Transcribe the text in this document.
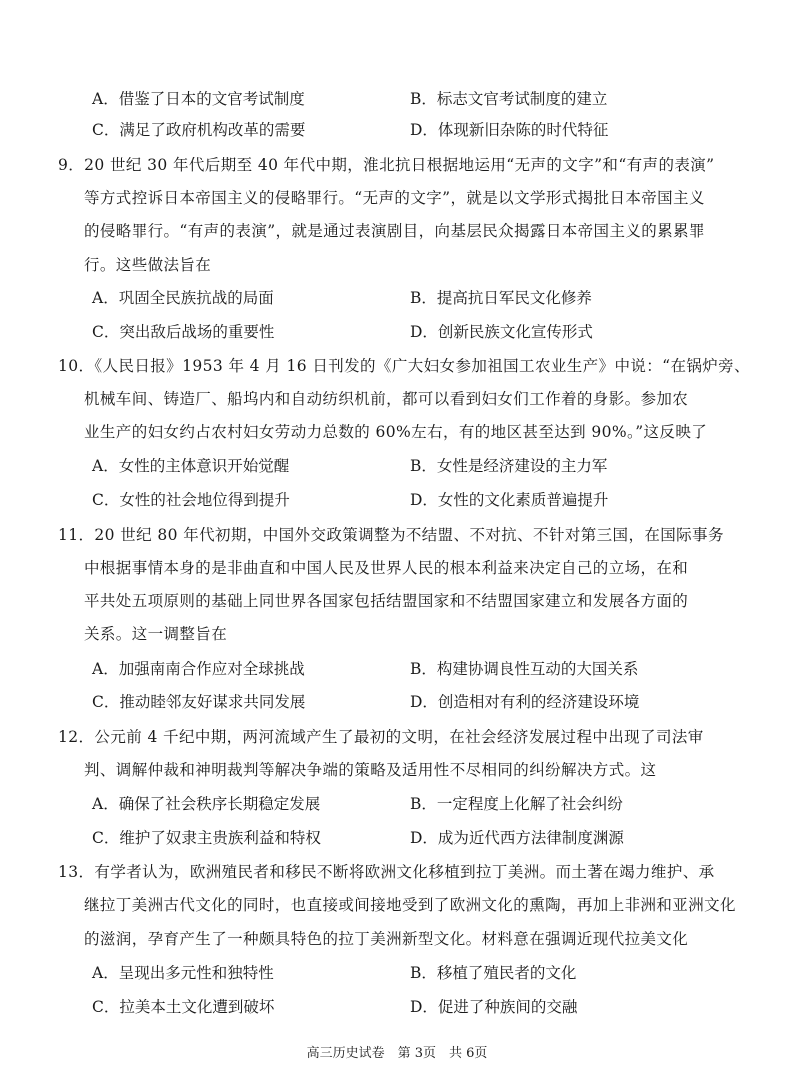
A．借鉴了日本的文官考试制度	B．标志文官考试制度的建立
C．满足了政府机构改革的需要	D．体现新旧杂陈的时代特征
9．20 世纪 30 年代后期至 40 年代中期，淮北抗日根据地运用“无声的文字”和“有声的表演”
等方式控诉日本帝国主义的侵略罪行。“无声的文字”，就是以文学形式揭批日本帝国主义
的侵略罪行。“有声的表演”，就是通过表演剧目，向基层民众揭露日本帝国主义的累累罪
行。这些做法旨在
A．巩固全民族抗战的局面	B．提高抗日军民文化修养
C．突出敌后战场的重要性	D．创新民族文化宣传形式
10．《人民日报》1953 年 4 月 16 日刊发的《广大妇女参加祖国工农业生产》中说：“在锅炉旁、
机械车间、铸造厂、船坞内和自动纺织机前，都可以看到妇女们工作着的身影。参加农
业生产的妇女约占农村妇女劳动力总数的 60%左右，有的地区甚至达到 90%。”这反映了
A．女性的主体意识开始觉醒	B．女性是经济建设的主力军
C．女性的社会地位得到提升	D．女性的文化素质普遍提升
11．20 世纪 80 年代初期，中国外交政策调整为不结盟、不对抗、不针对第三国，在国际事务
中根据事情本身的是非曲直和中国人民及世界人民的根本利益来决定自己的立场，在和
平共处五项原则的基础上同世界各国家包括结盟国家和不结盟国家建立和发展各方面的
关系。这一调整旨在
A．加强南南合作应对全球挑战	B．构建协调良性互动的大国关系
C．推动睦邻友好谋求共同发展	D．创造相对有利的经济建设环境
12．公元前 4 千纪中期，两河流域产生了最初的文明，在社会经济发展过程中出现了司法审
判、调解仲裁和神明裁判等解决争端的策略及适用性不尽相同的纠纷解决方式。这
A．确保了社会秩序长期稳定发展	B．一定程度上化解了社会纠纷
C．维护了奴隶主贵族利益和特权	D．成为近代西方法律制度渊源
13．有学者认为，欧洲殖民者和移民不断将欧洲文化移植到拉丁美洲。而土著在竭力维护、承
继拉丁美洲古代文化的同时，也直接或间接地受到了欧洲文化的熏陶，再加上非洲和亚洲文化
的滋润，孕育产生了一种颇具特色的拉丁美洲新型文化。材料意在强调近现代拉美文化
A．呈现出多元性和独特性	B．移植了殖民者的文化
C．拉美本土文化遭到破坏	D．促进了种族间的交融
高三历史试卷　第 3页　共 6页
